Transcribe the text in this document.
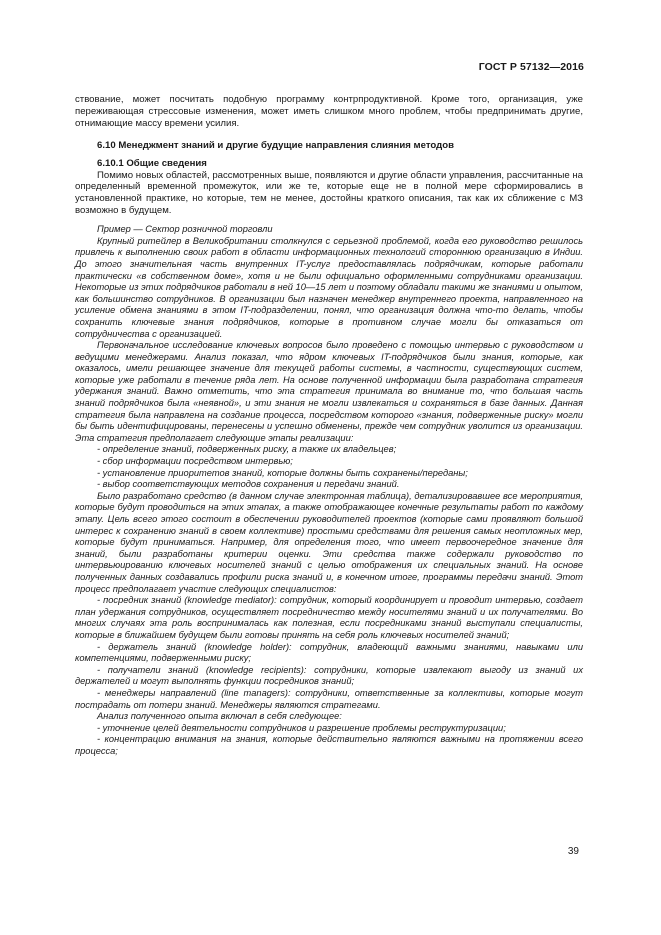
ГОСТ Р 57132—2016

ствование, может посчитать подобную программу контрпродуктивной. Кроме того, организация, уже переживающая стрессовые изменения, может иметь слишком много проблем, чтобы предпринимать другие, отнимающие массу времени усилия.

6.10 Менеджмент знаний и другие будущие направления слияния методов

6.10.1 Общие сведения

Помимо новых областей, рассмотренных выше, появляются и другие области управления, рассчитанные на определенный временной промежуток, или же те, которые еще не в полной мере сформировались в установленной практике, но которые, тем не менее, достойны краткого описания, так как их сближение с МЗ возможно в будущем.

Пример — Сектор розничной торговли

Крупный ритейлер в Великобритании столкнулся с серьезной проблемой, когда его руководство решилось привлечь к выполнению своих работ в области информационных технологий стороннюю организацию в Индии. До этого значительная часть внутренних IT-услуг предоставлялась подрядчикам, которые работали практически «в собственном доме», хотя и не были официально оформленными сотрудниками организации. Некоторые из этих подрядчиков работали в ней 10—15 лет и поэтому обладали такими же знаниями и опытом, как большинство сотрудников. В организации был назначен менеджер внутреннего проекта, направленного на усиление обмена знаниями в этом IT-подразделении, понял, что организация должна что-то делать, чтобы сохранить ключевые знания подрядчиков, которые в противном случае могли бы отказаться от сотрудничества с организацией.

Первоначальное исследование ключевых вопросов было проведено с помощью интервью с руководством и ведущими менеджерами. Анализ показал, что ядром ключевых IT-подрядчиков были знания, которые, как оказалось, имели решающее значение для текущей работы системы, в частности, существующих систем, которые уже работали в течение ряда лет. На основе полученной информации была разработана стратегия удержания знаний. Важно отметить, что эта стратегия принимала во внимание то, что большая часть знаний подрядчиков была «неявной», и эти знания не могли извлекаться и сохраняться в базе данных. Данная стратегия была направлена на создание процесса, посредством которого «знания, подверженные риску» могли бы быть идентифицированы, перенесены и успешно обменены, прежде чем сотрудник уволится из организации. Эта стратегия предполагает следующие этапы реализации:

- определение знаний, подверженных риску, а также их владельцев;

- сбор информации посредством интервью;

- установление приоритетов знаний, которые должны быть сохранены/переданы;

- выбор соответствующих методов сохранения и передачи знаний.

Было разработано средство (в данном случае электронная таблица), детализировавшее все мероприятия, которые будут проводиться на этих этапах, а также отображающее конечные результаты работ по каждому этапу. Цель всего этого состоит в обеспечении руководителей проектов (которые сами проявляют большой интерес к сохранению знаний в своем коллективе) простыми средствами для решения самых неотложных мер, которые будут приниматься. Например, для определения того, что имеет первоочередное значение для знаний, были разработаны критерии оценки. Эти средства также содержали руководство по интервьюированию ключевых носителей знаний с целью отображения их специальных знаний. На основе полученных данных создавались профили риска знаний и, в конечном итоге, программы передачи знаний. Этот процесс предполагает участие следующих специалистов:

- посредник знаний (knowledge mediator): сотрудник, который координирует и проводит интервью, создает план удержания сотрудников, осуществляет посредничество между носителями знаний и их получателями. Во многих случаях эта роль воспринималась как полезная, если посредниками знаний выступали специалисты, которые в ближайшем будущем были готовы принять на себя роль ключевых носителей знаний;

- держатель знаний (knowledge holder): сотрудник, владеющий важными знаниями, навыками или компетенциями, подверженными риску;

- получатели знаний (knowledge recipients): сотрудники, которые извлекают выгоду из знаний их держателей и могут выполнять функции посредников знаний;

- менеджеры направлений (line managers): сотрудники, ответственные за коллективы, которые могут пострадать от потери знаний. Менеджеры являются стратегами.

Анализ полученного опыта включал в себя следующее:

- уточнение целей деятельности сотрудников и разрешение проблемы реструктуризации;

- концентрацию внимания на знания, которые действительно являются важными на протяжении всего процесса;

39
